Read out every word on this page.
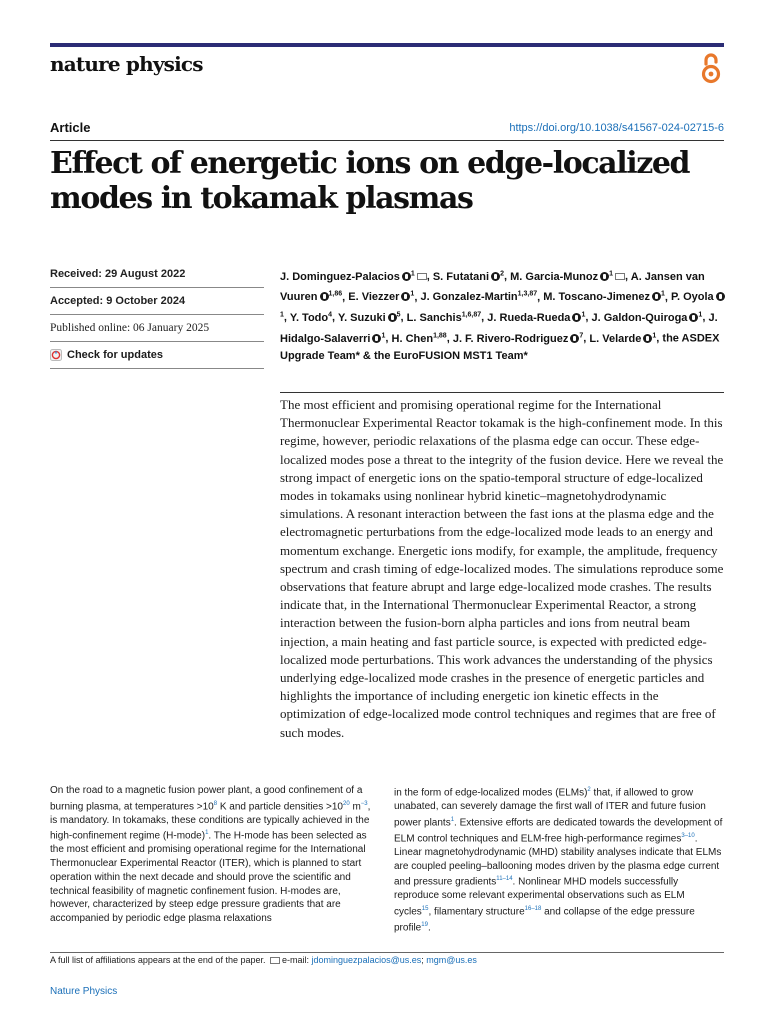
nature physics
Article	https://doi.org/10.1038/s41567-024-02715-6
Effect of energetic ions on edge-localized modes in tokamak plasmas
Received: 29 August 2022
Accepted: 9 October 2024
Published online: 06 January 2025
Check for updates
J. Dominguez-Palacios $^1$ , S. Futatani $^2$, M. Garcia-Munoz $^1$ , A. Jansen van Vuuren $^{1,86}$, E. Viezzer $^1$, J. Gonzalez-Martin$^{1,3,87}$, M. Toscano-Jimenez $^1$, P. Oyola$^1$, Y. Todo$^4$, Y. Suzuki $^5$, L. Sanchis$^{1,6,87}$, J. Rueda-Rueda $^1$, J. Galdon-Quiroga $^1$, J. Hidalgo-Salaverri $^1$, H. Chen$^{1,88}$, J. F. Rivero-Rodriguez $^7$, L. Velarde $^1$, the ASDEX Upgrade Team* & the EuroFUSION MST1 Team*

The most efficient and promising operational regime for the International Thermonuclear Experimental Reactor tokamak is the high-confinement mode. In this regime, however, periodic relaxations of the plasma edge can occur. These edge-localized modes pose a threat to the integrity of the fusion device. Here we reveal the strong impact of energetic ions on the spatio-temporal structure of edge-localized modes in tokamaks using nonlinear hybrid kinetic–magnetohydrodynamic simulations. A resonant interaction between the fast ions at the plasma edge and the electromagnetic perturbations from the edge-localized mode leads to an energy and momentum exchange. Energetic ions modify, for example, the amplitude, frequency spectrum and crash timing of edge-localized modes. The simulations reproduce some observations that feature abrupt and large edge-localized mode crashes. The results indicate that, in the International Thermonuclear Experimental Reactor, a strong interaction between the fusion-born alpha particles and ions from neutral beam injection, a main heating and fast particle source, is expected with predicted edge-localized mode perturbations. This work advances the understanding of the physics underlying edge-localized mode crashes in the presence of energetic particles and highlights the importance of including energetic ion kinetic effects in the optimization of edge-localized mode control techniques and regimes that are free of such modes.

On the road to a magnetic fusion power plant, a good confinement of a burning plasma, at temperatures $>10^8$ K and particle densities $>10^{20}$ $m^{-3}$, is mandatory. In tokamaks, these conditions are typically achieved in the high-confinement regime (H-mode)$^1$. The H-mode has been selected as the most efficient and promising operational regime for the International Thermonuclear Experimental Reactor (ITER), which is planned to start operation within the next decade and should prove the scientific and technical feasibility of magnetic confinement fusion. H-modes are, however, characterized by steep edge pressure gradients that are accompanied by periodic edge plasma relaxations
in the form of edge-localized modes (ELMs)$^2$ that, if allowed to grow unabated, can severely damage the first wall of ITER and future fusion power plants$^1$. Extensive efforts are dedicated towards the development of ELM control techniques and ELM-free high-performance regimes$^{3-10}$. Linear magnetohydrodynamic (MHD) stability analyses indicate that ELMs are coupled peeling–ballooning modes driven by the plasma edge current and pressure gradients$^{11-14}$. Nonlinear MHD models successfully reproduce some relevant experimental observations such as ELM cycles$^{15}$, filamentary structure$^{16-18}$ and collapse of the edge pressure profile$^{19}$.
A full list of affiliations appears at the end of the paper. e-mail: jdominguezpalacios@us.es; mgm@us.es
Nature Physics
